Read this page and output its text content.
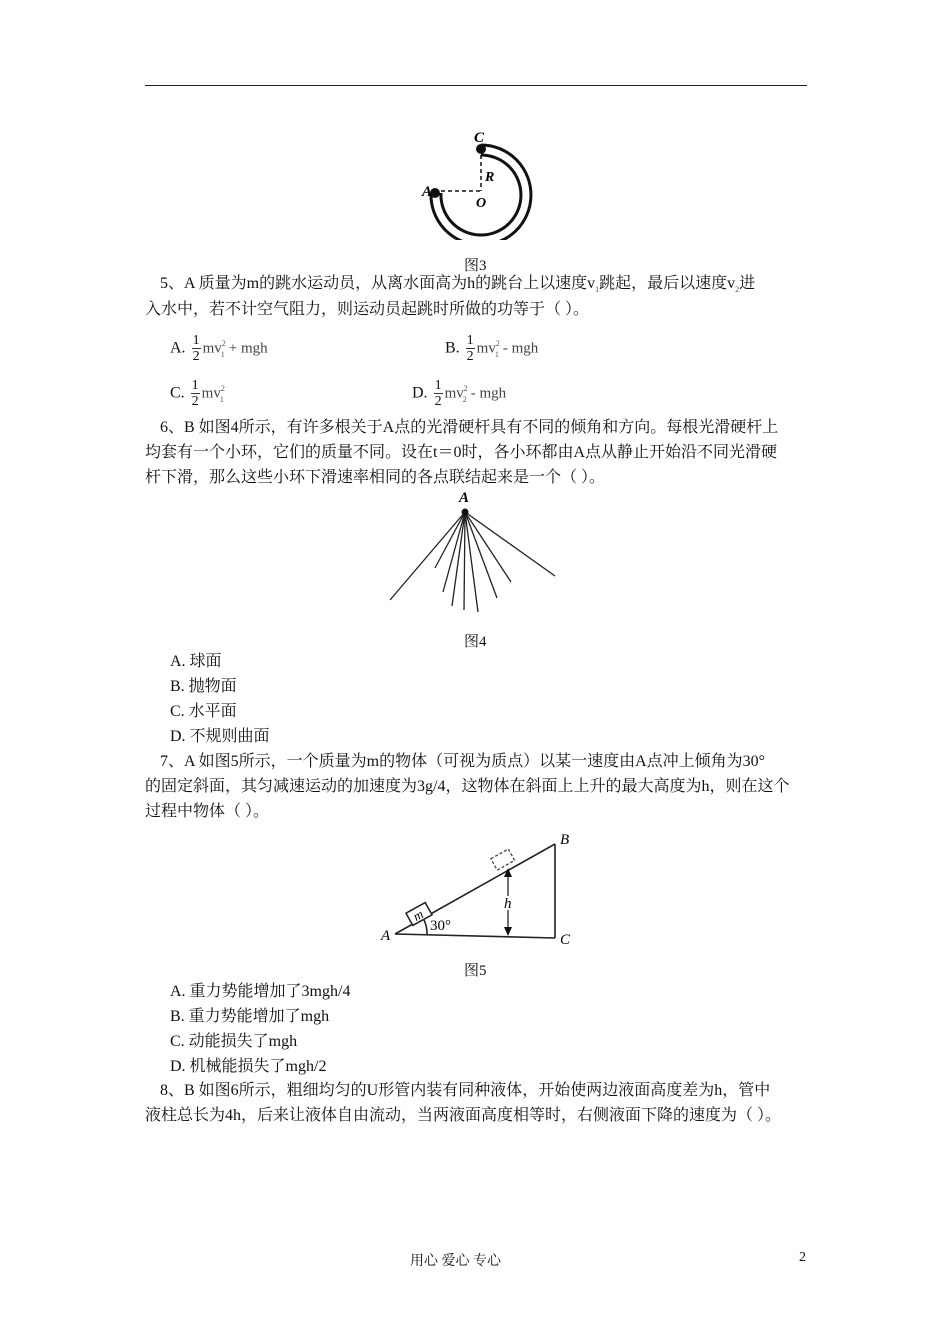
C
A
R
O
图3
5、A 质量为m的跳水运动员，从离水面高为h的跳台上以速度$v_1$跳起，最后以速度$v_2$进
入水中，若不计空气阻力，则运动员起跳时所做的功等于（ ）。
A. $\frac{1}{2} mv^2_1$ + mgh	B. $\frac{1}{2} mv^2_1$ - mgh
C. $\frac{1}{2} mv^2_1$	D. $\frac{1}{2} mv^2_2$ - mgh
6、B 如图4所示，有许多根关于A点的光滑硬杆具有不同的倾角和方向。每根光滑硬杆上
均套有一个小环，它们的质量不同。设在t＝0时，各小环都由A点从静止开始沿不同光滑硬
杆下滑，那么这些小环下滑速率相同的各点联结起来是一个（ ）。
A
图4
A. 球面
B. 抛物面
C. 水平面
D. 不规则曲面
7、A 如图5所示，一个质量为m的物体（可视为质点）以某一速度由A点冲上倾角为30°
的固定斜面，其匀减速运动的加速度为3g/4，这物体在斜面上上升的最大高度为h，则在这个
过程中物体（ ）。
m
h
30°
A
B
C
图5
A. 重力势能增加了3mgh/4
B. 重力势能增加了mgh
C. 动能损失了mgh
D. 机械能损失了mgh/2
8、B 如图6所示，粗细均匀的U形管内装有同种液体，开始使两边液面高度差为h，管中
液柱总长为4h，后来让液体自由流动，当两液面高度相等时，右侧液面下降的速度为（ ）。
用心 爱心 专心	2
